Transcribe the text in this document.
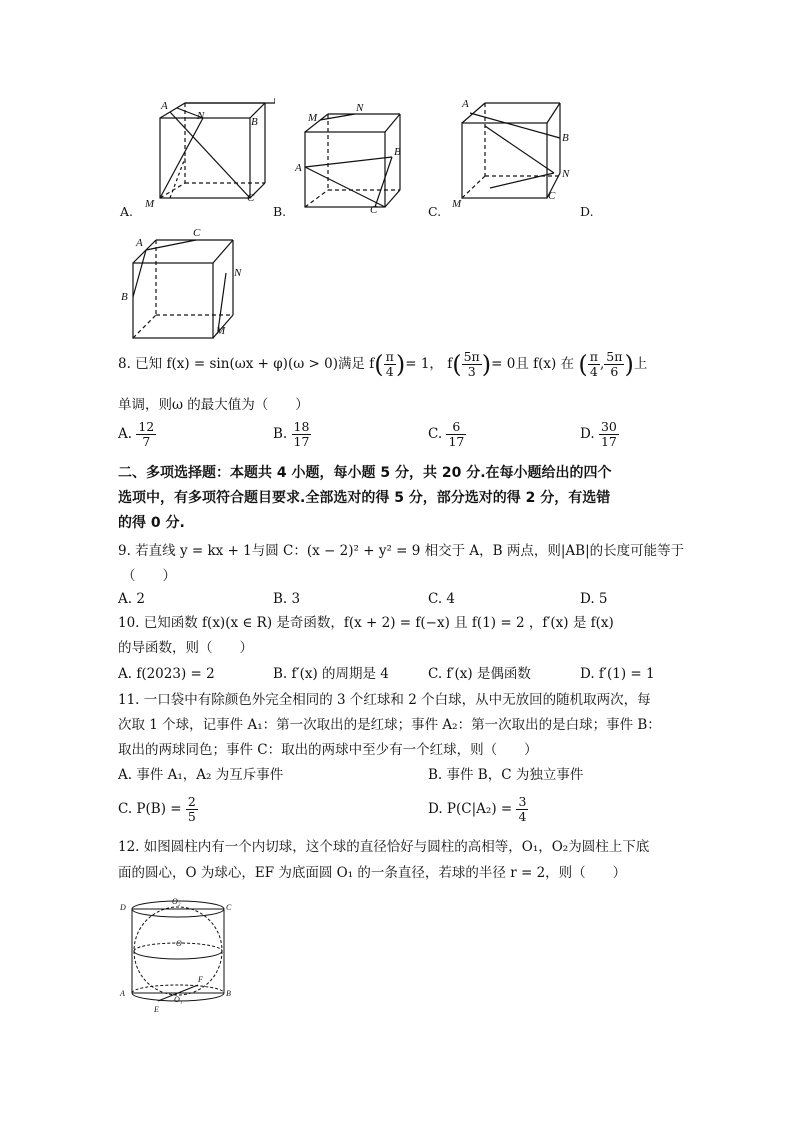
A
N	B
M	C
A.
M
N
B
A
C
B.
A
B
N
M
C
C.	D.
A
C
N
B
M
8. 已知 f(x) = sin(ωx + φ)(ω > 0)满足 $f( \frac{\pi}{4}$ )= 1， $f( \frac{5\pi}{3}$ )= 0且 f(x) 在 ( $\frac{\pi}{4}$ , $\frac{5\pi}{6}$ )上
单调，则ω 的最大值为（　　）
A. $\frac{12}{7}$	B. $\frac{18}{17}$	C. $\frac{6}{17}$	D. $\frac{30}{17}$
二、多项选择题：本题共 4 小题，每小题 5 分，共 20 分.在每小题给出的四个
选项中，有多项符合题目要求.全部选对的得 5 分，部分选对的得 2 分，有选错
的得 0 分.
9. 若直线 y = kx + 1与圆 C：(x − 2)² + y² = 9 相交于 A，B 两点，则|AB|的长度可能等于
（　　）
A. 2	B. 3	C. 4	D. 5
10. 已知函数 f(x)(x ∈ R) 是奇函数，f(x + 2) = f(−x) 且 f(1) = 2 ，f′(x) 是 f(x)
的导函数，则（　　）
A. f(2023) = 2	B. f′(x) 的周期是 4	C. f′(x) 是偶函数	D. f′(1) = 1
11. 一口袋中有除颜色外完全相同的 3 个红球和 2 个白球，从中无放回的随机取两次，每
次取 1 个球，记事件 A₁：第一次取出的是红球；事件 A₂：第一次取出的是白球；事件 B：
取出的两球同色；事件 C：取出的两球中至少有一个红球，则（　　）
A. 事件 A₁，A₂ 为互斥事件	B. 事件 B，C 为独立事件
C. $P(B) = \frac{2}{5}$	D. $P(C|A_2) = \frac{3}{4}$
12. 如图圆柱内有一个内切球，这个球的直径恰好与圆柱的高相等，O₁，O₂为圆柱上下底
面的圆心，O 为球心，EF 为底面圆 O₁ 的一条直径，若球的半径 r = 2，则（　　）
D
O₂
C
O
F
A
O₁
B
E
